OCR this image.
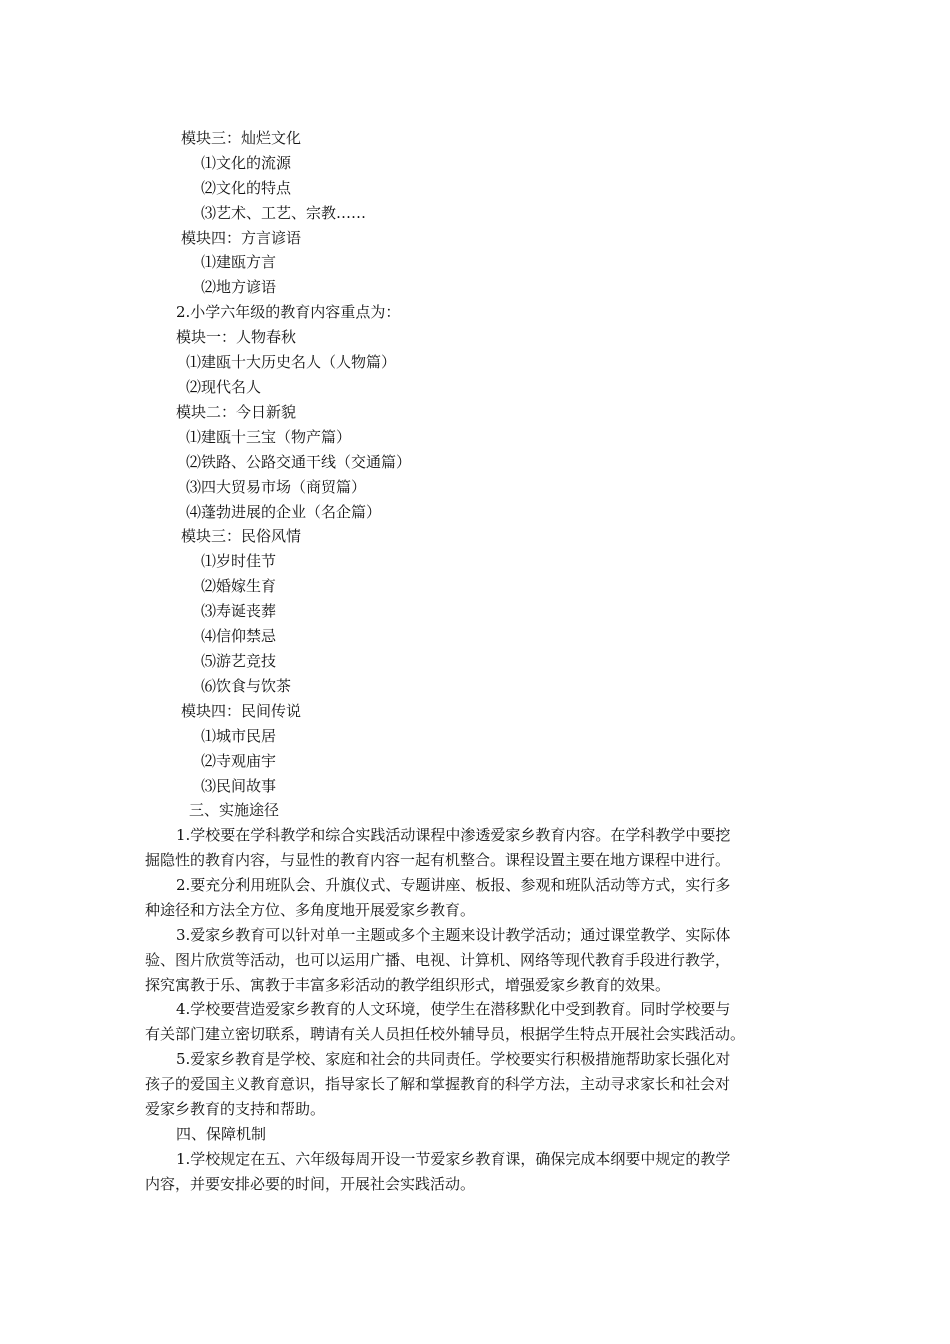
模块三：灿烂文化

⑴文化的流源

⑵文化的特点

⑶艺术、工艺、宗教……

模块四：方言谚语

⑴建瓯方言

⑵地方谚语

2.小学六年级的教育内容重点为：

模块一：人物春秋

⑴建瓯十大历史名人（人物篇）

⑵现代名人

模块二：今日新貌

⑴建瓯十三宝（物产篇）

⑵铁路、公路交通干线（交通篇）

⑶四大贸易市场（商贸篇）

⑷蓬勃进展的企业（名企篇）

模块三：民俗风情

⑴岁时佳节

⑵婚嫁生育

⑶寿诞丧葬

⑷信仰禁忌

⑸游艺竞技

⑹饮食与饮茶

模块四：民间传说

⑴城市民居

⑵寺观庙宇

⑶民间故事

三、实施途径

1.学校要在学科教学和综合实践活动课程中渗透爱家乡教育内容。在学科教学中要挖

掘隐性的教育内容，与显性的教育内容一起有机整合。课程设置主要在地方课程中进行。

2.要充分利用班队会、升旗仪式、专题讲座、板报、参观和班队活动等方式，实行多

种途径和方法全方位、多角度地开展爱家乡教育。

3.爱家乡教育可以针对单一主题或多个主题来设计教学活动；通过课堂教学、实际体

验、图片欣赏等活动，也可以运用广播、电视、计算机、网络等现代教育手段进行教学，

探究寓教于乐、寓教于丰富多彩活动的教学组织形式，增强爱家乡教育的效果。

4.学校要营造爱家乡教育的人文环境，使学生在潜移默化中受到教育。同时学校要与

有关部门建立密切联系，聘请有关人员担任校外辅导员，根据学生特点开展社会实践活动。

5.爱家乡教育是学校、家庭和社会的共同责任。学校要实行积极措施帮助家长强化对

孩子的爱国主义教育意识，指导家长了解和掌握教育的科学方法，主动寻求家长和社会对

爱家乡教育的支持和帮助。

四、保障机制

1.学校规定在五、六年级每周开设一节爱家乡教育课，确保完成本纲要中规定的教学

内容，并要安排必要的时间，开展社会实践活动。
